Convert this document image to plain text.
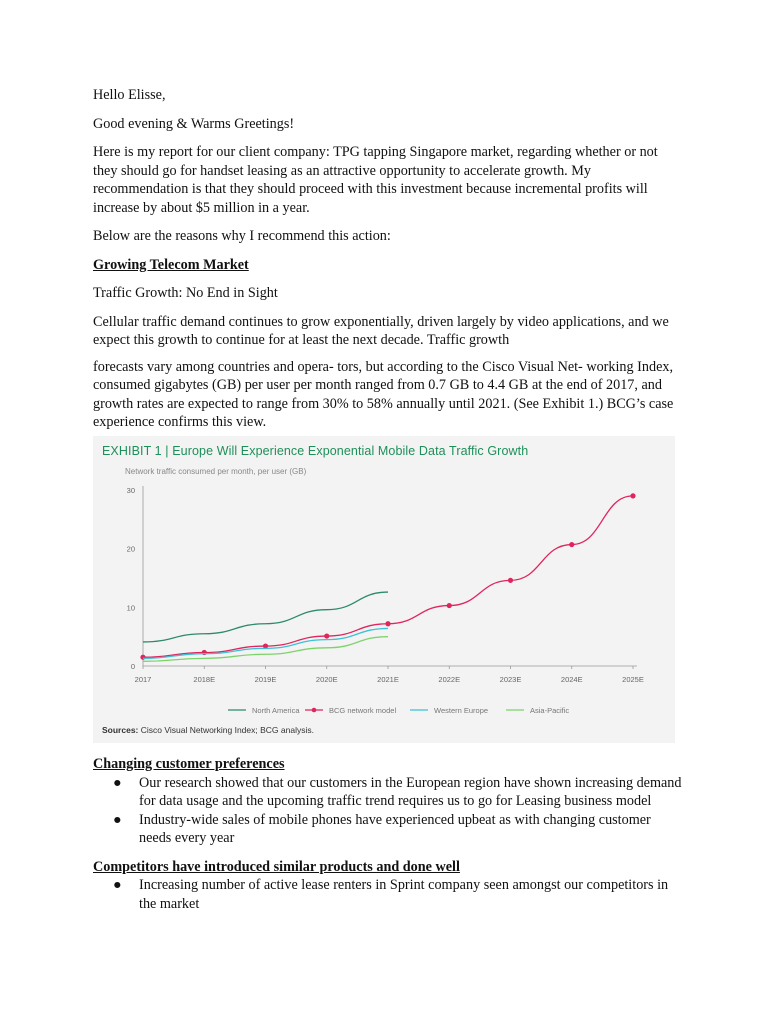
Hello Elisse,

Good evening & Warms Greetings!

Here is my report for our client company: TPG tapping Singapore market, regarding whether or not they should go for handset leasing as an attractive opportunity to accelerate growth. My recommendation is that they should proceed with this investment because incremental profits will increase by about $5 million in a year.

Below are the reasons why I recommend this action:

Growing Telecom Market

Traffic Growth: No End in Sight

Cellular traffic demand continues to grow exponentially, driven largely by video applications, and we expect this growth to continue for at least the next decade. Traffic growth

forecasts vary among countries and opera- tors, but according to the Cisco Visual Net- working Index, consumed gigabytes (GB) per user per month ranged from 0.7 GB to 4.4 GB at the end of 2017, and growth rates are expected to range from 30% to 58% annually until 2021. (See Exhibit 1.) BCG’s case experience confirms this view.

EXHIBIT 1 | Europe Will Experience Exponential Mobile Data Traffic Growth
Network traffic consumed per month, per user (GB)
0
10
20
30
2017	2018E	2019E	2020E	2021E	2022E	2023E	2024E	2025E
North America	BCG network model	Western Europe	Asia-Pacific
Sources: Cisco Visual Networking Index; BCG analysis.

Changing customer preferences

● Our research showed that our customers in the European region have shown increasing demand for data usage and the upcoming traffic trend requires us to go for Leasing business model
● Industry-wide sales of mobile phones have experienced upbeat as with changing customer needs every year

Competitors have introduced similar products and done well

● Increasing number of active lease renters in Sprint company seen amongst our competitors in the market
